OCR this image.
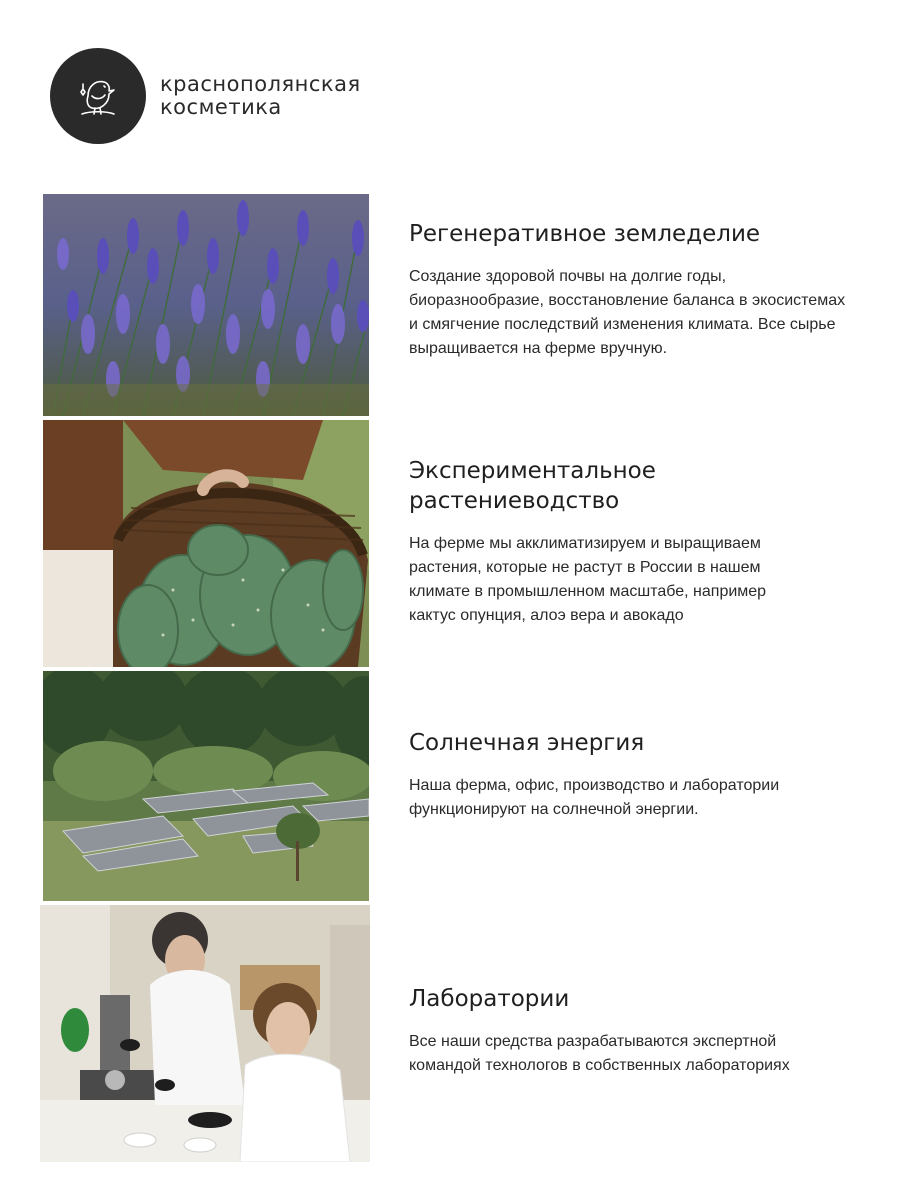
краснополянская
косметика
Регенеративное земледелие

Создание здоровой почвы на долгие годы, биоразнообразие, восстановление баланса в экосистемах и смягчение последствий изменения климата. Все сырье выращивается на ферме вручную.

Экспериментальное растениеводство

На ферме мы акклиматизируем и выращиваем растения, которые не растут в России в нашем климате в промышленном масштабе, например кактус опунция, алоэ вера и авокадо

Солнечная энергия

Наша ферма, офис, производство и лаборатории функционируют на солнечной энергии.

Лаборатории

Все наши средства разрабатываются экспертной командой технологов в собственных лабораториях
